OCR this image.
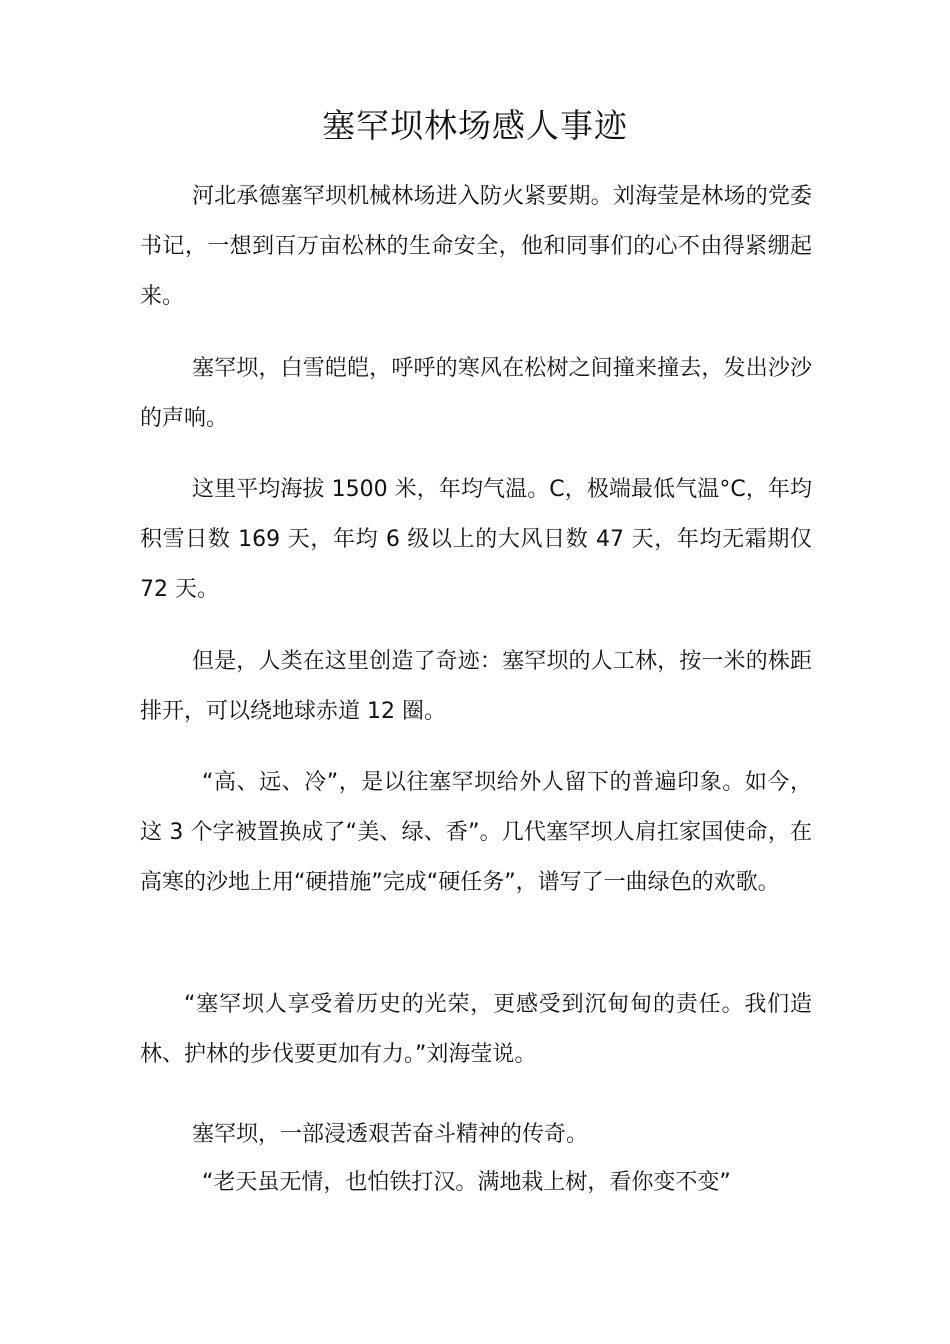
塞罕坝林场感人事迹

河北承德塞罕坝机械林场进入防火紧要期。刘海莹是林场的党委书记，一想到百万亩松林的生命安全，他和同事们的心不由得紧绷起来。

塞罕坝，白雪皑皑，呼呼的寒风在松树之间撞来撞去，发出沙沙的声响。

这里平均海拔 1500 米，年均气温。C，极端最低气温°C，年均积雪日数 169 天，年均 6 级以上的大风日数 47 天，年均无霜期仅 72 天。

但是，人类在这里创造了奇迹：塞罕坝的人工林，按一米的株距排开，可以绕地球赤道 12 圈。

“高、远、冷”，是以往塞罕坝给外人留下的普遍印象。如今，这 3 个字被置换成了“美、绿、香”。几代塞罕坝人肩扛家国使命，在高寒的沙地上用“硬措施”完成“硬任务”，谱写了一曲绿色的欢歌。

“塞罕坝人享受着历史的光荣，更感受到沉甸甸的责任。我们造林、护林的步伐要更加有力。”刘海莹说。

塞罕坝，一部浸透艰苦奋斗精神的传奇。

“老天虽无情，也怕铁打汉。满地栽上树，看你变不变”
